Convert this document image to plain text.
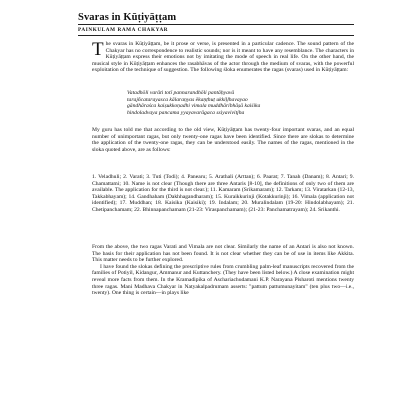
Svaras in Kūṭiyāṭṭam
PAINKULAM RAMA CHAKYAR
The svaras in Kūṭiyāṭṭam, be it prose or verse, is presented in a particular cadence. The sound pattern of the Chakyar has no correspondence to realistic sounds; nor is it meant to have any resemblance. The characters in Kūṭiyāṭṭam express their emotions not by imitating the mode of speech in real life. On the other hand, the musical style in Kūṭiyāṭṭam enhances the rasabhāvas of the actor through the medium of svaras, with the powerful exploitation of the technique of suggestion. The following śloka enumerates the ragas (svaras) used in Kūṭiyāṭṭam:
Vatadhōli varāti totī pannarandhōli pantāḥyavā
tarajñcatarayasca kālaraṇyas ēkaṇṭhuṭ ukkiḷḷhavayao
gāndhāraśca kaiṣukkoṇadhi vimala muddhāribhāṣā kaiśika
hindoladvaya pancama yyayavarāgaca ssiyavivitjha

My guru has told me that according to the old view, Kūṭiyāṭṭam has twenty-four important svaras, and an equal number of unimportant ragas, but only twenty-one ragas have been identified. Since there are slokas to determine the application of the twenty-one ragas, they can be understood easily. The names of the ragas, mentioned in the sloka quoted above, are as follows:

1. Veladhuli; 2. Varati; 3. Tuti (Todi); 4. Panearu; 5. Arathali (Arttan); 6. Paarat; 7. Tanah (Danam); 8. Antari; 9. Chamattami; 10. Name is not clear (Though there are three Antaris [8-10], the definitions of only two of them are available. The application for the third is not clear.); 11. Kamaram (Srikamaram); 12. Tarkam; 13. Viratarkan (12-13, Takkabhayam); 14. Gandhaham (Dakhhagandharam); 15. Kuraikkurinji (Kotakkurinji); 16. Vimala (application not identified); 17. Muddhan; 18. Kaisika (Kaisiki); 19. Indalam; 20. Muralindalam (19-20: Hindolabhayam); 21. Chetipanchamam; 22. Bhinnapanchamam (21-23: Viraspanchamam); (21-23: Panchamatrayam); 24. Srikanthi.

From the above, the two ragas Varati and Vimala are not clear. Similarly the name of an Antari is also not known. The basis for their application has not been found. It is not clear whether they can be of use in items like Akkita. This matter needs to be further explored.

I have found the slokas defining the prescriptive rules from crumbling palm-leaf manuscripts recovered from the families of Potiyil, Kidangur, Ammanur and Kuttanchery. (They have been listed below.) A close examination might reveal more facts from them. In the Kramadipika of Aschariachudamani K.P. Narayana Pisharoti mentions twenty three ragas. Mani Madhava Chakyar in Natyakalpadrumam asserts: "pattum pattumunayitam" (ten plus two—i.e., twenty). One thing is certain—in plays like
